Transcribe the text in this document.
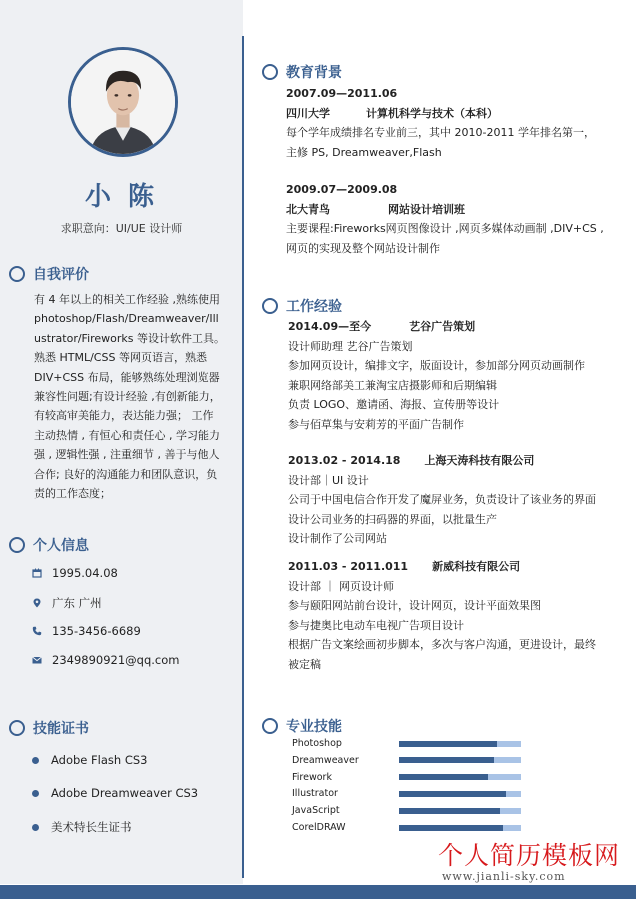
小 陈
求职意向：UI/UE 设计师
自我评价
有 4 年以上的相关工作经验 ,熟练使用
photoshop/Flash/Dreamweaver/Ill
ustrator/Fireworks 等设计软件工具。
熟悉 HTML/CSS 等网页语言，熟悉
DIV+CSS 布局，能够熟练处理浏览器
兼容性问题;有设计经验 ,有创新能力，
有较高审美能力，表达能力强； 工作
主动热情 , 有恒心和责任心 , 学习能力
强 , 逻辑性强 , 注重细节 , 善于与他人
合作; 良好的沟通能力和团队意识，负
责的工作态度；
个人信息
1995.04.08
广东 广州
135-3456-6689
2349890921@qq.com
技能证书
Adobe Flash CS3
Adobe Dreamweaver CS3
美术特长生证书
教育背景
2007.09—2011.06
四川大学	计算机科学与技术（本科）
每个学年成绩排名专业前三，其中 2010-2011 学年排名第一，
主修 PS, Dreamweaver,Flash
2009.07—2009.08
北大青鸟	网站设计培训班
主要课程:Fireworks网页图像设计 ,网页多媒体动画制 ,DIV+CS ,
网页的实现及整个网站设计制作
工作经验
2014.09—至今	艺谷广告策划
设计师助理 艺谷广告策划
参加网页设计，编排文字，版面设计，参加部分网页动画制作
兼职网络部美工兼淘宝店摄影师和后期编辑
负责 LOGO、邀请函、海报、宣传册等设计
参与佰草集与安莉芳的平面广告制作
2013.02 - 2014.18 上海天涛科技有限公司
设计部｜UI 设计
公司于中国电信合作开发了魔屏业务，负责设计了该业务的界面
设计公司业务的扫码器的界面，以批量生产
设计制作了公司网站
2011.03 - 2011.011 新威科技有限公司
设计部 ｜ 网页设计师
参与颐阳网站前台设计，设计网页，设计平面效果图
参与捷奥比电动车电视广告项目设计
根据广告文案绘画初步脚本，多次与客户沟通，更进设计，最终
被定稿
专业技能
Photoshop
Dreamweaver
Firework
Illustrator
JavaScript
CorelDRAW
个人简历模板网
www.jianli-sky.com
